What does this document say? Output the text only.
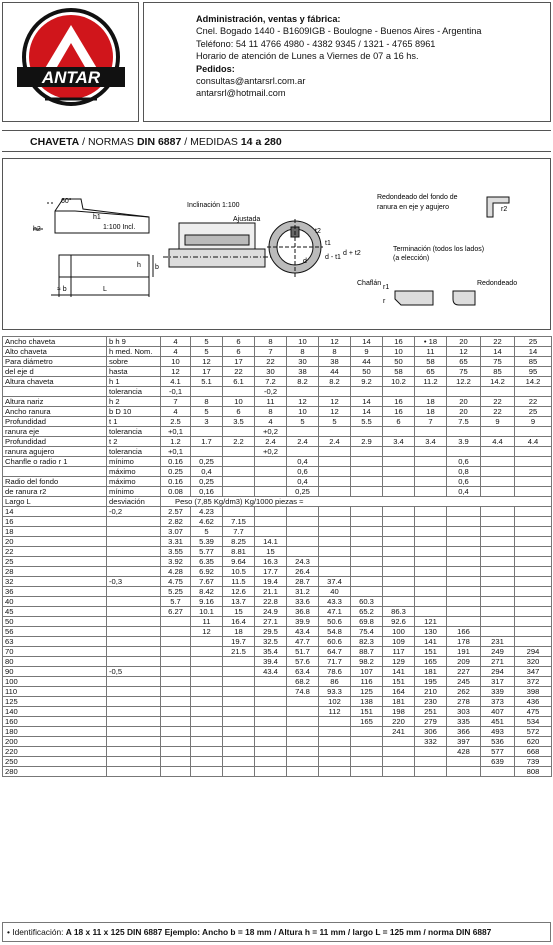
ANTAR
Administración, ventas y fábrica:
Cnel. Bogado 1440 - B1609IGB - Boulogne - Buenos Aires - Argentina
Teléfono: 54 11 4766 4980 - 4382 9345 / 1321 - 4765 8961
Horario de atención de Lunes a Viernes de 07 a 16 hs.
Pedidos:
consultas@antarsrl.com.ar
antarsrl@hotmail.com
CHAVETA / NORMAS DIN 6887 / MEDIDAS 14 a 280
60°
h1
h2	1:100 Incl.
b
h
≈ b	L
Inclinación 1:100
Ajustada
t2
t1
d - t1
d + t2
d
Redondeado del fondo de
ranura en eje y agujero	r2
Terminación (todos los lados)
(a elección)
Chaflán	Redondeado
r1
r
Ancho chaveta	b h 9	4	5	6	8	10	12	14	16	• 18	20	22	25
Alto chaveta	h med. Nom.	4	5	6	7	8	8	9	10	11	12	14	14
Para diámetro	sobre	10	12	17	22	30	38	44	50	58	65	75	85
del eje d	hasta	12	17	22	30	38	44	50	58	65	75	85	95
Altura chaveta	h 1	4.1	5.1	6.1	7.2	8.2	8.2	9.2	10.2	11.2	12.2	14.2	14.2
	tolerancia	-0,1			-0,2								
Altura nariz	h 2	7	8	10	11	12	12	14	16	18	20	22	22
Ancho ranura	b D 10	4	5	6	8	10	12	14	16	18	20	22	25
Profundidad	t 1	2.5	3	3.5	4	5	5	5.5	6	7	7.5	9	9
ranura eje	tolerancia	+0,1			+0,2								
Profundidad	t 2	1.2	1.7	2.2	2.4	2.4	2.4	2.9	3.4	3.4	3.9	4.4	4.4
ranura agujero	tolerancia	+0,1			+0,2								
Chanfle o radio r 1	mínimo	0.16	0,25			0,4					0,6		
	máximo	0.25	0,4			0,6					0,8		
Radio del fondo	máximo	0.16	0,25			0,4					0,6		
de ranura r2	mínimo	0.08	0,16			0,25					0,4		
Largo L	desviación	Peso (7,85 Kg/dm3) Kg/1000 piezas ≈											
14	-0,2	2.57	4.23										
16		2.82	4.62	7.15									
18		3.07	5	7.7									
20		3.31	5.39	8.25	14.1								
22		3.55	5.77	8.81	15								
25		3.92	6.35	9.64	16.3	24.3							
28		4.28	6.92	10.5	17.7	26.4							
32	-0,3	4.75	7.67	11.5	19.4	28.7	37.4						
36		5.25	8.42	12.6	21.1	31.2	40						
40		5.7	9.16	13.7	22.8	33.6	43.3	60.3					
45		6.27	10.1	15	24.9	36.8	47.1	65.2	86.3				
50			11	16.4	27.1	39.9	50.6	69.8	92.6	121			
56			12	18	29.5	43.4	54.8	75.4	100	130	166		
63				19.7	32.5	47.7	60.6	82.3	109	141	178	231	
70				21.5	35.4	51.7	64.7	88.7	117	151	191	249	294
80					39.4	57.6	71.7	98.2	129	165	209	271	320
90	-0,5				43.4	63.4	78.6	107	141	181	227	294	347
100						68.2	86	116	151	195	245	317	372
110						74.8	93.3	125	164	210	262	339	398
125							102	138	181	230	278	373	436
140							112	151	198	251	303	407	475
160								165	220	279	335	451	534
180									241	306	366	493	572
200										332	397	536	620
220											428	577	668
250												639	739
280													808
• Identificación: A 18 x 11 x 125 DIN 6887 Ejemplo: Ancho b = 18 mm / Altura h = 11 mm / largo L = 125 mm / norma DIN 6887
